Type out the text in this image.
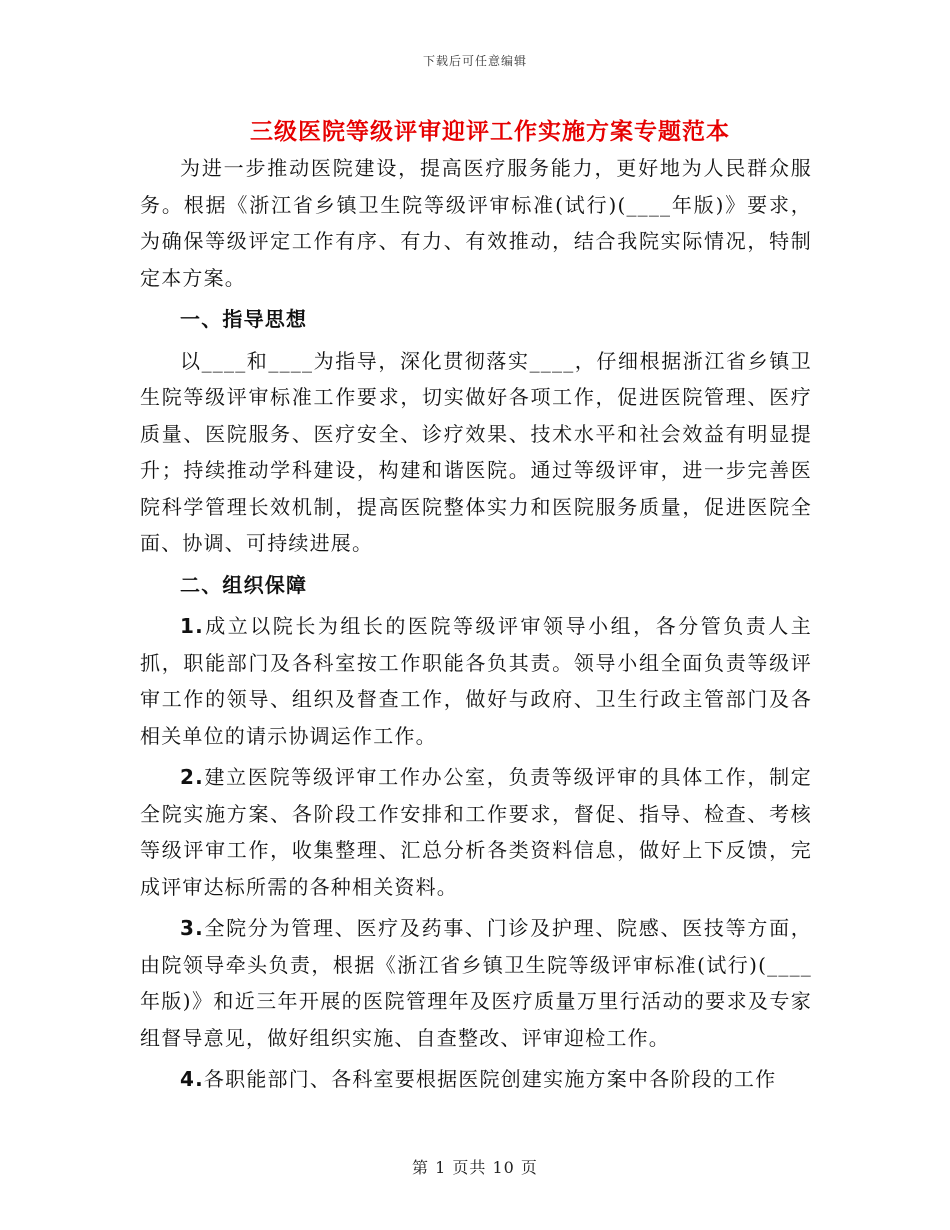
下载后可任意编辑
三级医院等级评审迎评工作实施方案专题范本

为进一步推动医院建设，提高医疗服务能力，更好地为人民群众服务。根据《浙江省乡镇卫生院等级评审标准(试行)(____年版)》要求，为确保等级评定工作有序、有力、有效推动，结合我院实际情况，特制定本方案。

一、指导思想

以____和____为指导，深化贯彻落实____，仔细根据浙江省乡镇卫生院等级评审标准工作要求，切实做好各项工作，促进医院管理、医疗质量、医院服务、医疗安全、诊疗效果、技术水平和社会效益有明显提升；持续推动学科建设，构建和谐医院。通过等级评审，进一步完善医院科学管理长效机制，提高医院整体实力和医院服务质量，促进医院全面、协调、可持续进展。

二、组织保障

1.成立以院长为组长的医院等级评审领导小组，各分管负责人主抓，职能部门及各科室按工作职能各负其责。领导小组全面负责等级评审工作的领导、组织及督查工作，做好与政府、卫生行政主管部门及各相关单位的请示协调运作工作。

2.建立医院等级评审工作办公室，负责等级评审的具体工作，制定全院实施方案、各阶段工作安排和工作要求，督促、指导、检查、考核等级评审工作，收集整理、汇总分析各类资料信息，做好上下反馈，完成评审达标所需的各种相关资料。

3.全院分为管理、医疗及药事、门诊及护理、院感、医技等方面，由院领导牵头负责，根据《浙江省乡镇卫生院等级评审标准(试行)(____年版)》和近三年开展的医院管理年及医疗质量万里行活动的要求及专家组督导意见，做好组织实施、自查整改、评审迎检工作。

4.各职能部门、各科室要根据医院创建实施方案中各阶段的工作

第 1 页共 10 页
